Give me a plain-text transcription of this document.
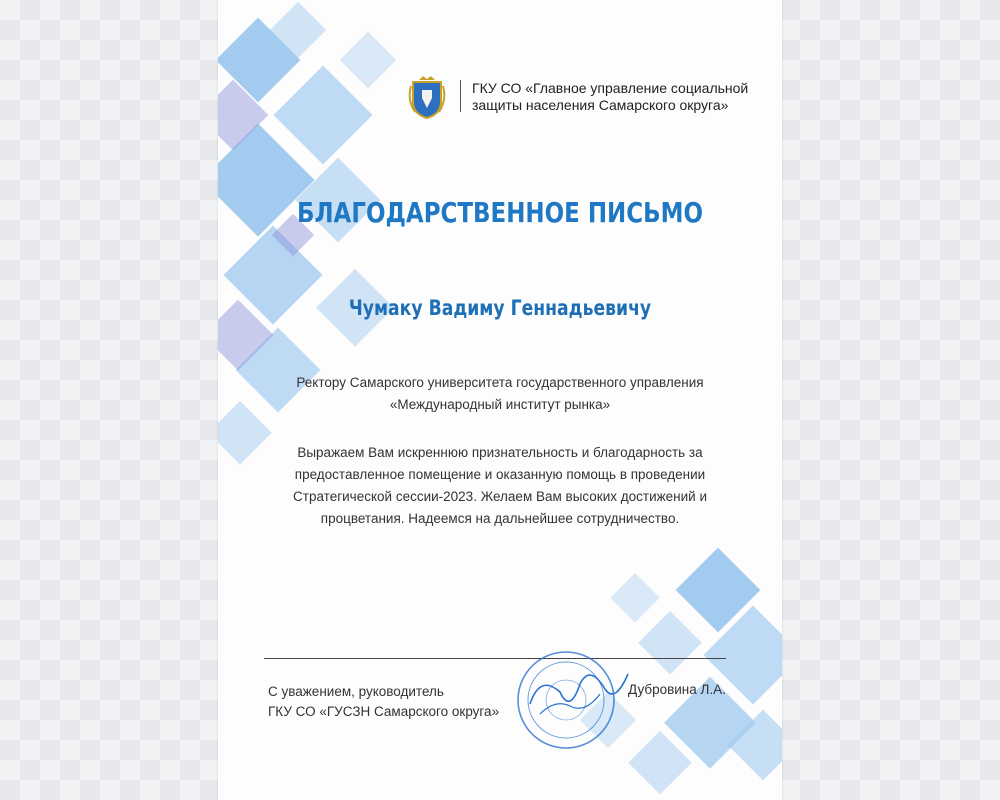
ГКУ СО «Главное управление социальной
защиты населения Самарского округа»
БЛАГОДАРСТВЕННОЕ ПИСЬМО
Чумаку Вадиму Геннадьевичу
Ректору Самарского университета государственного управления
«Международный институт рынка»
Выражаем Вам искреннюю признательность и благодарность за
предоставленное помещение и оказанную помощь в проведении
Стратегической сессии-2023. Желаем Вам высоких достижений и
процветания. Надеемся на дальнейшее сотрудничество.
С уважением, руководитель
ГКУ СО «ГУСЗН Самарского округа»
Дубровина Л.А.
